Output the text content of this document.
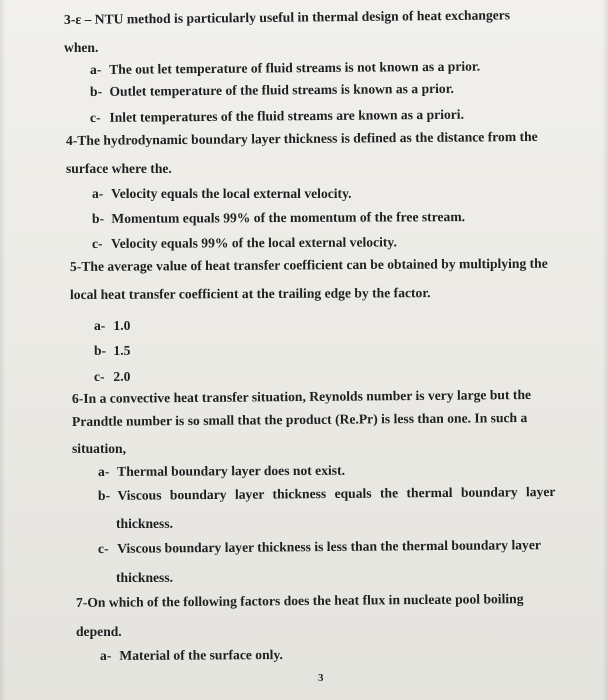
3-ε – NTU method is particularly useful in thermal design of heat exchangers
when.
a- The out let temperature of fluid streams is not known as a prior.
b- Outlet temperature of the fluid streams is known as a prior.
c- Inlet temperatures of the fluid streams are known as a priori.
4-The hydrodynamic boundary layer thickness is defined as the distance from the
surface where the.
a- Velocity equals the local external velocity.
b- Momentum equals 99% of the momentum of the free stream.
c- Velocity equals 99% of the local external velocity.
5-The average value of heat transfer coefficient can be obtained by multiplying the
local heat transfer coefficient at the trailing edge by the factor.
a- 1.0
b- 1.5
c- 2.0
6-In a convective heat transfer situation, Reynolds number is very large but the
Prandtle number is so small that the product (Re.Pr) is less than one. In such a
situation,
a- Thermal boundary layer does not exist.
b- Viscous boundary layer thickness equals the thermal boundary layer
thickness.
c- Viscous boundary layer thickness is less than the thermal boundary layer
thickness.
7-On which of the following factors does the heat flux in nucleate pool boiling
depend.
a- Material of the surface only.
3
